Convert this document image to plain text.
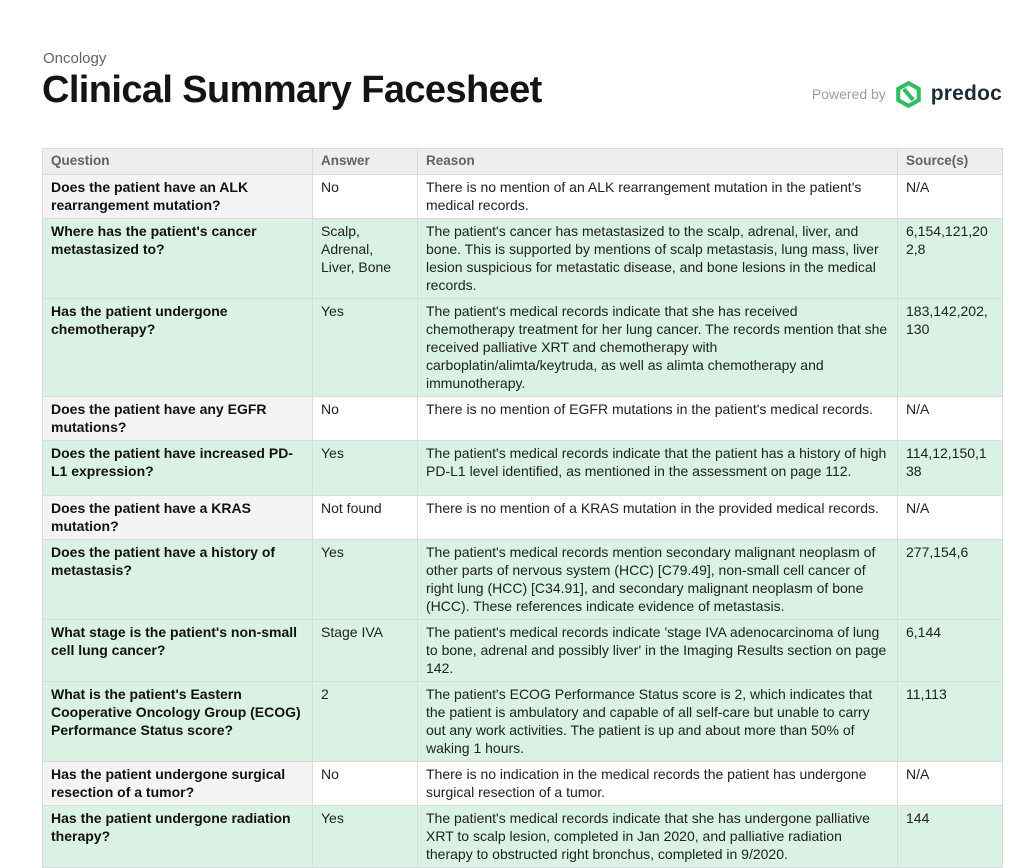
Oncology
Clinical Summary Facesheet	Powered by predoc
Question	Answer	Reason	Source(s)
Does the patient have an ALK rearrangement mutation?	No	There is no mention of an ALK rearrangement mutation in the patient's medical records.	N/A
Where has the patient's cancer metastasized to?	Scalp, Adrenal, Liver, Bone	The patient's cancer has metastasized to the scalp, adrenal, liver, and bone. This is supported by mentions of scalp metastasis, lung mass, liver lesion suspicious for metastatic disease, and bone lesions in the medical records.	6,154,121,202,8
Has the patient undergone chemotherapy?	Yes	The patient's medical records indicate that she has received chemotherapy treatment for her lung cancer. The records mention that she received palliative XRT and chemotherapy with carboplatin/alimta/keytruda, as well as alimta chemotherapy and immunotherapy.	183,142,202,130
Does the patient have any EGFR mutations?	No	There is no mention of EGFR mutations in the patient's medical records.	N/A
Does the patient have increased PD-L1 expression?	Yes	The patient's medical records indicate that the patient has a history of high PD-L1 level identified, as mentioned in the assessment on page 112.	114,12,150,138
Does the patient have a KRAS mutation?	Not found	There is no mention of a KRAS mutation in the provided medical records.	N/A
Does the patient have a history of metastasis?	Yes	The patient's medical records mention secondary malignant neoplasm of other parts of nervous system (HCC) [C79.49], non-small cell cancer of right lung (HCC) [C34.91], and secondary malignant neoplasm of bone (HCC). These references indicate evidence of metastasis.	277,154,6
What stage is the patient's non-small cell lung cancer?	Stage IVA	The patient's medical records indicate 'stage IVA adenocarcinoma of lung to bone, adrenal and possibly liver' in the Imaging Results section on page 142.	6,144
What is the patient's Eastern Cooperative Oncology Group (ECOG) Performance Status score?	2	The patient's ECOG Performance Status score is 2, which indicates that the patient is ambulatory and capable of all self-care but unable to carry out any work activities. The patient is up and about more than 50% of waking 1 hours.	11,113
Has the patient undergone surgical resection of a tumor?	No	There is no indication in the medical records the patient has undergone surgical resection of a tumor.	N/A
Has the patient undergone radiation therapy?	Yes	The patient's medical records indicate that she has undergone palliative XRT to scalp lesion, completed in Jan 2020, and palliative radiation therapy to obstructed right bronchus, completed in 9/2020.	144
